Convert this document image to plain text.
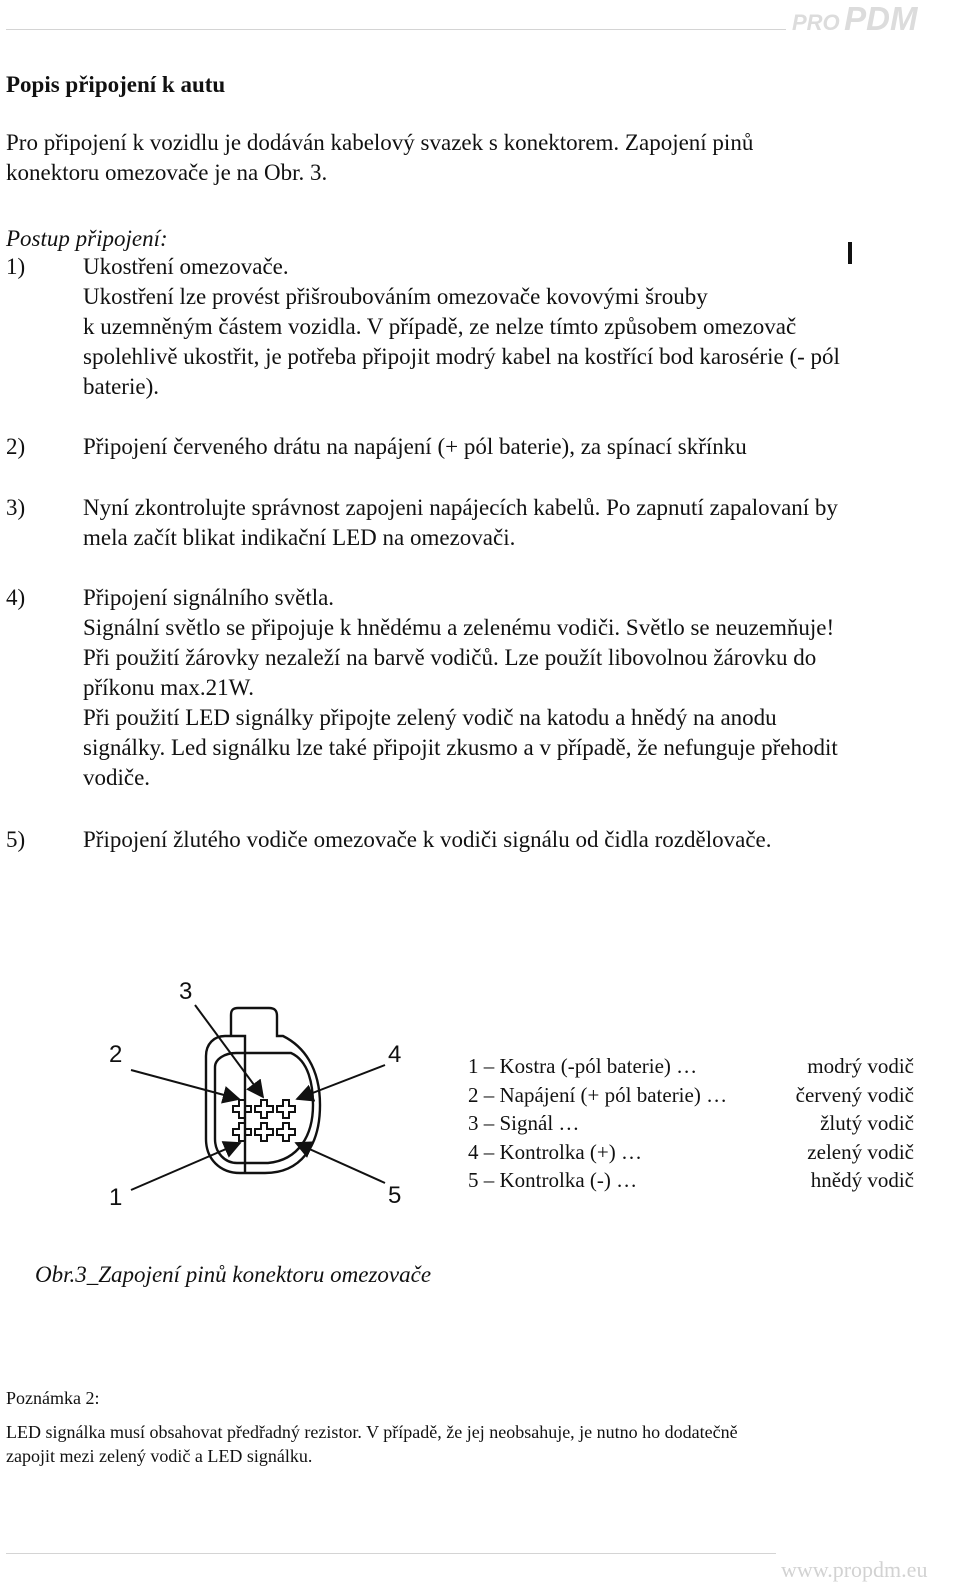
PRO PDM

Popis připojení k autu

Pro připojení k vozidlu je dodáván kabelový svazek s konektorem. Zapojení pinů

konektoru omezovače je na Obr. 3.

Postup připojení:

1)	Ukostření omezovače.

Ukostření lze provést přišroubováním omezovače kovovými šrouby

k uzemněným částem vozidla. V případě, ze nelze tímto způsobem omezovač

spolehlivě ukostřit, je potřeba připojit modrý kabel na kostřící bod karosérie (- pól

baterie).

2)	Připojení červeného drátu na napájení (+ pól baterie), za spínací skřínku

3)	Nyní zkontrolujte správnost zapojeni napájecích kabelů. Po zapnutí zapalovaní by

mela začít blikat indikační LED na omezovači.

4)	Připojení signálního světla.

Signální světlo se připojuje k hnědému a zelenému vodiči. Světlo se neuzemňuje!

Při použití žárovky nezaleží na barvě vodičů. Lze použít libovolnou žárovku do

příkonu max.21W.

Při použití LED signálky připojte zelený vodič na katodu a hnědý na anodu

signálky. Led signálku lze také připojit zkusmo a v případě, že nefunguje přehodit

vodiče.

5)	Připojení žlutého vodiče omezovače k vodiči signálu od čidla rozdělovače.

1
2
3
4
5
1 – Kostra (-pól baterie) …	modrý vodič
2 – Napájení (+ pól baterie) …	červený vodič
3 – Signál …	žlutý vodič
4 – Kontrolka (+) …	zelený vodič
5 – Kontrolka (-) …	hnědý vodič
Obr.3_Zapojení pinů konektoru omezovače
Poznámka 2:
LED signálka musí obsahovat předřadný rezistor. V případě, že jej neobsahuje, je nutno ho dodatečně
zapojit mezi zelený vodič a LED signálku.
www.propdm.eu
